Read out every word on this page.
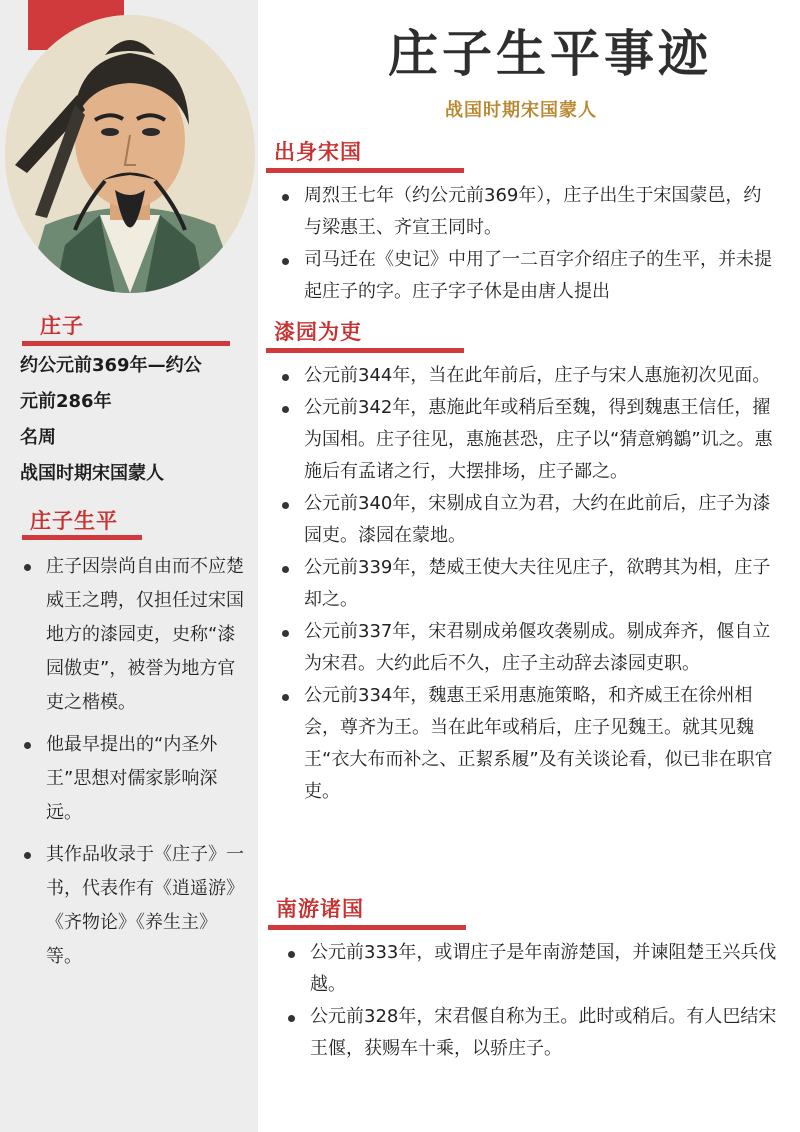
庄子
约公元前369年—约公
元前286年
名周
战国时期宋国蒙人
庄子生平
庄子因崇尚自由而不应楚威王之聘，仅担任过宋国地方的漆园吏，史称“漆园傲吏”，被誉为地方官吏之楷模。
他最早提出的“内圣外王”思想对儒家影响深远。
其作品收录于《庄子》一书，代表作有《逍遥游》《齐物论》《养生主》等。
庄子生平事迹
战国时期宋国蒙人
出身宋国
周烈王七年（约公元前369年），庄子出生于宋国蒙邑，约与梁惠王、齐宣王同时。
司马迁在《史记》中用了一二百字介绍庄子的生平，并未提起庄子的字。庄子字子休是由唐人提出
漆园为吏
公元前344年，当在此年前后，庄子与宋人惠施初次见面。
公元前342年，惠施此年或稍后至魏，得到魏惠王信任，擢为国相。庄子往见，惠施甚恐，庄子以“猜意鹓鶵”讥之。惠施后有孟诸之行，大摆排场，庄子鄙之。
公元前340年，宋剔成自立为君，大约在此前后，庄子为漆园吏。漆园在蒙地。
公元前339年，楚威王使大夫往见庄子，欲聘其为相，庄子却之。
公元前337年，宋君剔成弟偃攻袭剔成。剔成奔齐，偃自立为宋君。大约此后不久，庄子主动辞去漆园吏职。
公元前334年，魏惠王采用惠施策略，和齐威王在徐州相会，尊齐为王。当在此年或稍后，庄子见魏王。就其见魏王“衣大布而补之、正絜系履”及有关谈论看，似已非在职官吏。
南游诸国
公元前333年，或谓庄子是年南游楚国，并谏阻楚王兴兵伐越。
公元前328年，宋君偃自称为王。此时或稍后。有人巴结宋王偃，获赐车十乘，以骄庄子。
